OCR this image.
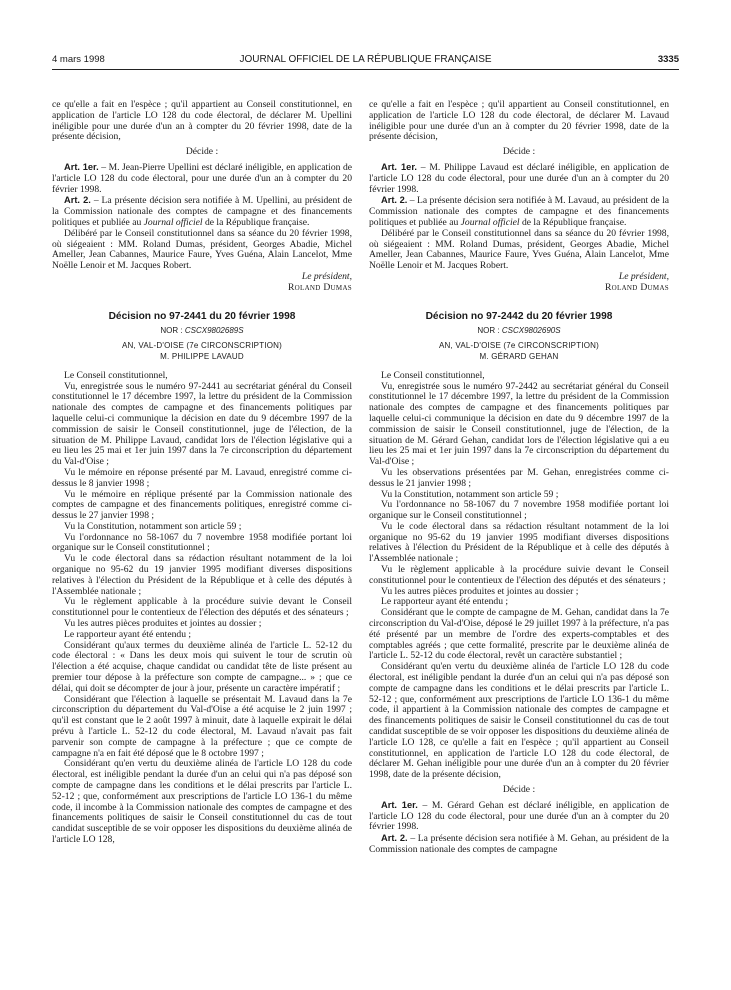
4 mars 1998	JOURNAL OFFICIEL DE LA RÉPUBLIQUE FRANÇAISE	3335

ce qu'elle a fait en l'espèce ; qu'il appartient au Conseil constitutionnel, en application de l'article LO 128 du code électoral, de déclarer M. Upellini inéligible pour une durée d'un an à compter du 20 février 1998, date de la présente décision,

Décide :

Art. 1er. – M. Jean-Pierre Upellini est déclaré inéligible, en application de l'article LO 128 du code électoral, pour une durée d'un an à compter du 20 février 1998.

Art. 2. – La présente décision sera notifiée à M. Upellini, au président de la Commission nationale des comptes de campagne et des financements politiques et publiée au Journal officiel de la République française.

Délibéré par le Conseil constitutionnel dans sa séance du 20 février 1998, où siégeaient : MM. Roland Dumas, président, Georges Abadie, Michel Ameller, Jean Cabannes, Maurice Faure, Yves Guéna, Alain Lancelot, Mme Noëlle Lenoir et M. Jacques Robert.

Le président,

Roland Dumas

Décision no 97-2441 du 20 février 1998

NOR : CSCX9802689S

AN, VAL-D'OISE (7e CIRCONSCRIPTION)

M. PHILIPPE LAVAUD

Le Conseil constitutionnel,

Vu, enregistrée sous le numéro 97-2441 au secrétariat général du Conseil constitutionnel le 17 décembre 1997, la lettre du président de la Commission nationale des comptes de campagne et des financements politiques par laquelle celui-ci communique la décision en date du 9 décembre 1997 de la commission de saisir le Conseil constitutionnel, juge de l'élection, de la situation de M. Philippe Lavaud, candidat lors de l'élection législative qui a eu lieu les 25 mai et 1er juin 1997 dans la 7e circonscription du département du Val-d'Oise ;

Vu le mémoire en réponse présenté par M. Lavaud, enregistré comme ci-dessus le 8 janvier 1998 ;

Vu le mémoire en réplique présenté par la Commission nationale des comptes de campagne et des financements politiques, enregistré comme ci-dessus le 27 janvier 1998 ;

Vu la Constitution, notamment son article 59 ;

Vu l'ordonnance no 58-1067 du 7 novembre 1958 modifiée portant loi organique sur le Conseil constitutionnel ;

Vu le code électoral dans sa rédaction résultant notamment de la loi organique no 95-62 du 19 janvier 1995 modifiant diverses dispositions relatives à l'élection du Président de la République et à celle des députés à l'Assemblée nationale ;

Vu le règlement applicable à la procédure suivie devant le Conseil constitutionnel pour le contentieux de l'élection des députés et des sénateurs ;

Vu les autres pièces produites et jointes au dossier ;

Le rapporteur ayant été entendu ;

Considérant qu'aux termes du deuxième alinéa de l'article L. 52-12 du code électoral : « Dans les deux mois qui suivent le tour de scrutin où l'élection a été acquise, chaque candidat ou candidat tête de liste présent au premier tour dépose à la préfecture son compte de campagne... » ; que ce délai, qui doit se décompter de jour à jour, présente un caractère impératif ;

Considérant que l'élection à laquelle se présentait M. Lavaud dans la 7e circonscription du département du Val-d'Oise a été acquise le 2 juin 1997 ; qu'il est constant que le 2 août 1997 à minuit, date à laquelle expirait le délai prévu à l'article L. 52-12 du code électoral, M. Lavaud n'avait pas fait parvenir son compte de campagne à la préfecture ; que ce compte de campagne n'a en fait été déposé que le 8 octobre 1997 ;

Considérant qu'en vertu du deuxième alinéa de l'article LO 128 du code électoral, est inéligible pendant la durée d'un an celui qui n'a pas déposé son compte de campagne dans les conditions et le délai prescrits par l'article L. 52-12 ; que, conformément aux prescriptions de l'article LO 136-1 du même code, il incombe à la Commission nationale des comptes de campagne et des financements politiques de saisir le Conseil constitutionnel du cas de tout candidat susceptible de se voir opposer les dispositions du deuxième alinéa de l'article LO 128,

ce qu'elle a fait en l'espèce ; qu'il appartient au Conseil constitutionnel, en application de l'article LO 128 du code électoral, de déclarer M. Lavaud inéligible pour une durée d'un an à compter du 20 février 1998, date de la présente décision,

Décide :

Art. 1er. – M. Philippe Lavaud est déclaré inéligible, en application de l'article LO 128 du code électoral, pour une durée d'un an à compter du 20 février 1998.

Art. 2. – La présente décision sera notifiée à M. Lavaud, au président de la Commission nationale des comptes de campagne et des financements politiques et publiée au Journal officiel de la République française.

Délibéré par le Conseil constitutionnel dans sa séance du 20 février 1998, où siégeaient : MM. Roland Dumas, président, Georges Abadie, Michel Ameller, Jean Cabannes, Maurice Faure, Yves Guéna, Alain Lancelot, Mme Noëlle Lenoir et M. Jacques Robert.

Le président,

Roland Dumas

Décision no 97-2442 du 20 février 1998

NOR : CSCX9802690S

AN, VAL-D'OISE (7e CIRCONSCRIPTION)

M. GÉRARD GEHAN

Le Conseil constitutionnel,

Vu, enregistrée sous le numéro 97-2442 au secrétariat général du Conseil constitutionnel le 17 décembre 1997, la lettre du président de la Commission nationale des comptes de campagne et des financements politiques par laquelle celui-ci communique la décision en date du 9 décembre 1997 de la commission de saisir le Conseil constitutionnel, juge de l'élection, de la situation de M. Gérard Gehan, candidat lors de l'élection législative qui a eu lieu les 25 mai et 1er juin 1997 dans la 7e circonscription du département du Val-d'Oise ;

Vu les observations présentées par M. Gehan, enregistrées comme ci-dessus le 21 janvier 1998 ;

Vu la Constitution, notamment son article 59 ;

Vu l'ordonnance no 58-1067 du 7 novembre 1958 modifiée portant loi organique sur le Conseil constitutionnel ;

Vu le code électoral dans sa rédaction résultant notamment de la loi organique no 95-62 du 19 janvier 1995 modifiant diverses dispositions relatives à l'élection du Président de la République et à celle des députés à l'Assemblée nationale ;

Vu le règlement applicable à la procédure suivie devant le Conseil constitutionnel pour le contentieux de l'élection des députés et des sénateurs ;

Vu les autres pièces produites et jointes au dossier ;

Le rapporteur ayant été entendu ;

Considérant que le compte de campagne de M. Gehan, candidat dans la 7e circonscription du Val-d'Oise, déposé le 29 juillet 1997 à la préfecture, n'a pas été présenté par un membre de l'ordre des experts-comptables et des comptables agréés ; que cette formalité, prescrite par le deuxième alinéa de l'article L. 52-12 du code électoral, revêt un caractère substantiel ;

Considérant qu'en vertu du deuxième alinéa de l'article LO 128 du code électoral, est inéligible pendant la durée d'un an celui qui n'a pas déposé son compte de campagne dans les conditions et le délai prescrits par l'article L. 52-12 ; que, conformément aux prescriptions de l'article LO 136-1 du même code, il appartient à la Commission nationale des comptes de campagne et des financements politiques de saisir le Conseil constitutionnel du cas de tout candidat susceptible de se voir opposer les dispositions du deuxième alinéa de l'article LO 128, ce qu'elle a fait en l'espèce ; qu'il appartient au Conseil constitutionnel, en application de l'article LO 128 du code électoral, de déclarer M. Gehan inéligible pour une durée d'un an à compter du 20 février 1998, date de la présente décision,

Décide :

Art. 1er. – M. Gérard Gehan est déclaré inéligible, en application de l'article LO 128 du code électoral, pour une durée d'un an à compter du 20 février 1998.

Art. 2. – La présente décision sera notifiée à M. Gehan, au président de la Commission nationale des comptes de campagne
